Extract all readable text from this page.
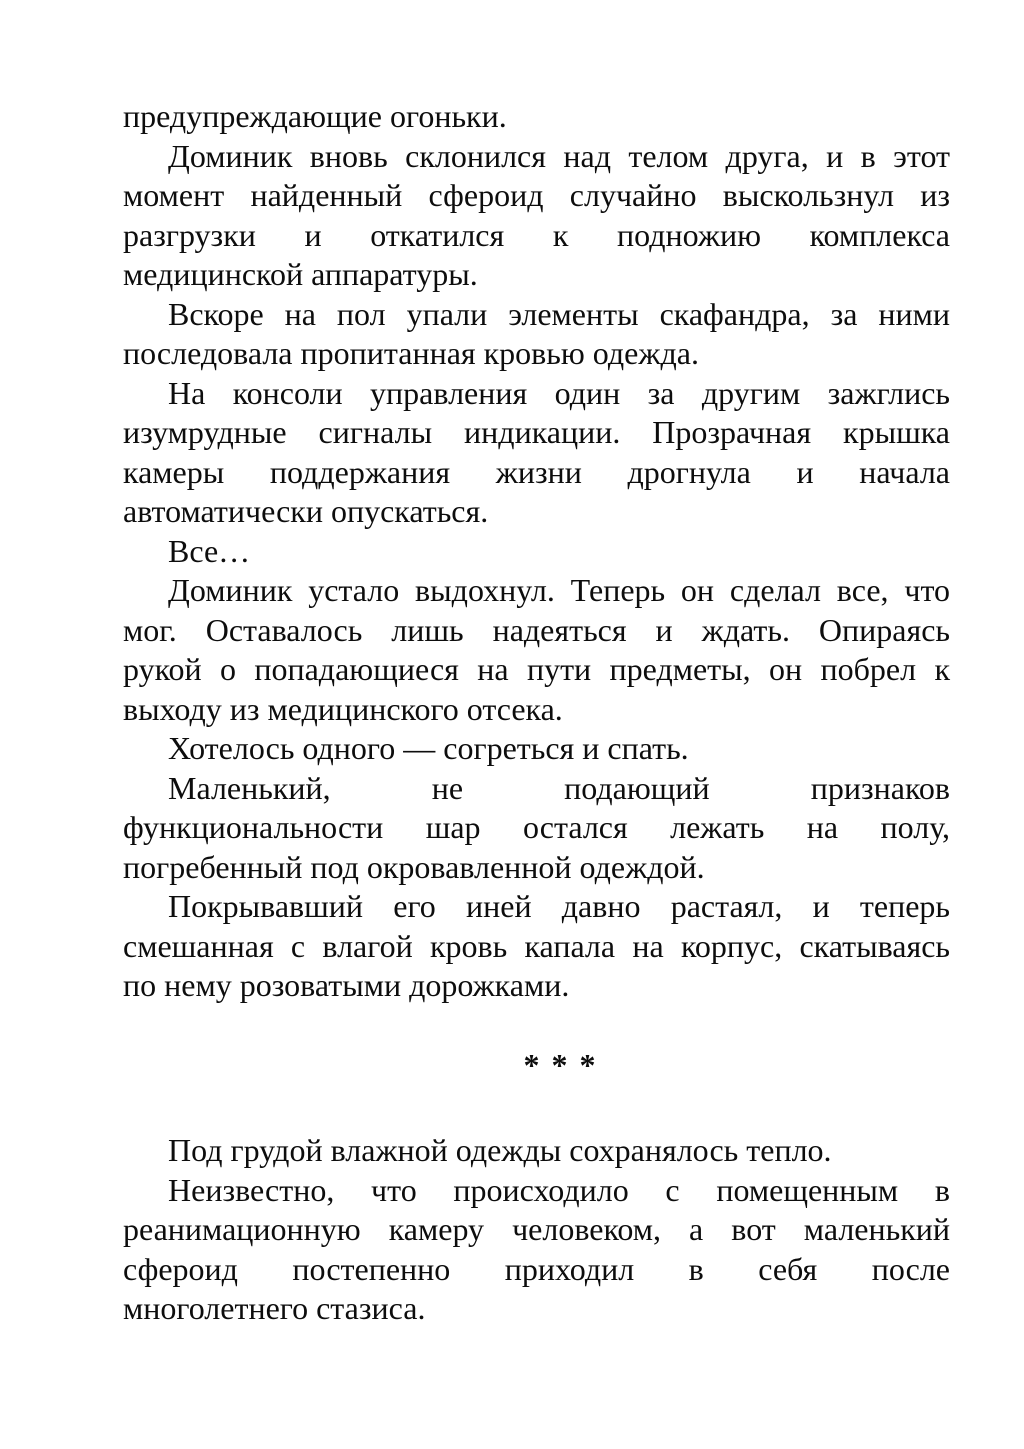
предупреждающие огоньки.
Доминик вновь склонился над телом друга, и в этот
момент найденный сфероид случайно выскользнул из
разгрузки и откатился к подножию комплекса
медицинской аппаратуры.
Вскоре на пол упали элементы скафандра, за ними
последовала пропитанная кровью одежда.
На консоли управления один за другим зажглись
изумрудные сигналы индикации. Прозрачная крышка
камеры поддержания жизни дрогнула и начала
автоматически опускаться.
Все…
Доминик устало выдохнул. Теперь он сделал все, что
мог. Оставалось лишь надеяться и ждать. Опираясь
рукой о попадающиеся на пути предметы, он побрел к
выходу из медицинского отсека.
Хотелось одного — согреться и спать.
Маленький, не подающий признаков
функциональности шар остался лежать на полу,
погребенный под окровавленной одеждой.
Покрывавший его иней давно растаял, и теперь
смешанная с влагой кровь капала на корпус, скатываясь
по нему розоватыми дорожками.
* * *
Под грудой влажной одежды сохранялось тепло.
Неизвестно, что происходило с помещенным в
реанимационную камеру человеком, а вот маленький
сфероид постепенно приходил в себя после
многолетнего стазиса.
